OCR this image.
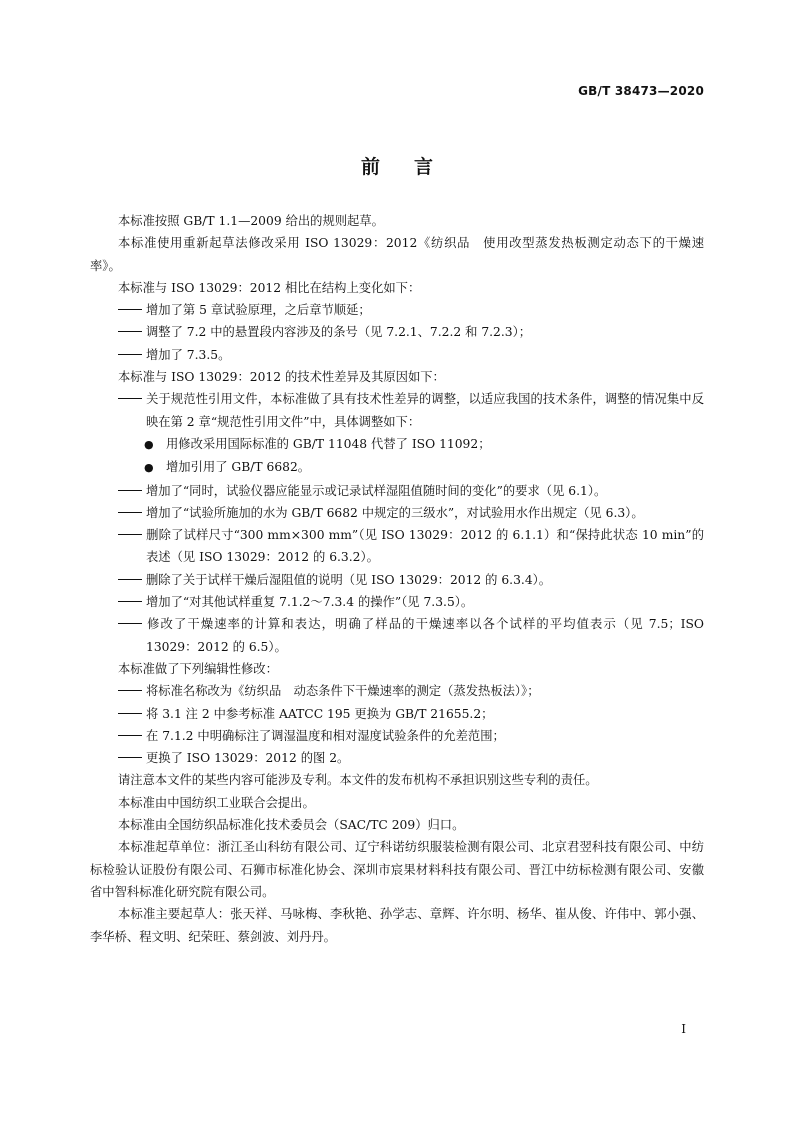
GB/T 38473—2020
前言

本标准按照 GB/T 1.1—2009 给出的规则起草。

本标准使用重新起草法修改采用 ISO 13029：2012《纺织品　使用改型蒸发热板测定动态下的干燥速率》。

本标准与 ISO 13029：2012 相比在结构上变化如下：

增加了第 5 章试验原理，之后章节顺延；

调整了 7.2 中的悬置段内容涉及的条号（见 7.2.1、7.2.2 和 7.2.3）；

增加了 7.3.5。

本标准与 ISO 13029：2012 的技术性差异及其原因如下：

关于规范性引用文件，本标准做了具有技术性差异的调整，以适应我国的技术条件，调整的情况集中反映在第 2 章“规范性引用文件”中，具体调整如下：

● 用修改采用国际标准的 GB/T 11048 代替了 ISO 11092；

● 增加引用了 GB/T 6682。

增加了“同时，试验仪器应能显示或记录试样湿阻值随时间的变化”的要求（见 6.1）。

增加了“试验所施加的水为 GB/T 6682 中规定的三级水”，对试验用水作出规定（见 6.3）。

删除了试样尺寸“300 mm×300 mm”（见 ISO 13029：2012 的 6.1.1）和“保持此状态 10 min”的表述（见 ISO 13029：2012 的 6.3.2）。

删除了关于试样干燥后湿阻值的说明（见 ISO 13029：2012 的 6.3.4）。

增加了“对其他试样重复 7.1.2～7.3.4 的操作”（见 7.3.5）。

修改了干燥速率的计算和表达，明确了样品的干燥速率以各个试样的平均值表示（见 7.5；ISO 13029：2012 的 6.5）。

本标准做了下列编辑性修改：

将标准名称改为《纺织品　动态条件下干燥速率的测定（蒸发热板法）》；

将 3.1 注 2 中参考标准 AATCC 195 更换为 GB/T 21655.2；

在 7.1.2 中明确标注了调湿温度和相对湿度试验条件的允差范围；

更换了 ISO 13029：2012 的图 2。

请注意本文件的某些内容可能涉及专利。本文件的发布机构不承担识别这些专利的责任。

本标准由中国纺织工业联合会提出。

本标准由全国纺织品标准化技术委员会（SAC/TC 209）归口。

本标准起草单位：浙江圣山科纺有限公司、辽宁科诺纺织服装检测有限公司、北京君翌科技有限公司、中纺标检验认证股份有限公司、石狮市标准化协会、深圳市宸果材料科技有限公司、晋江中纺标检测有限公司、安徽省中智科标准化研究院有限公司。

本标准主要起草人：张天祥、马咏梅、李秋艳、孙学志、章辉、许尔明、杨华、崔从俊、许伟中、郭小强、李华桥、程文明、纪荣旺、蔡剑波、刘丹丹。

I
